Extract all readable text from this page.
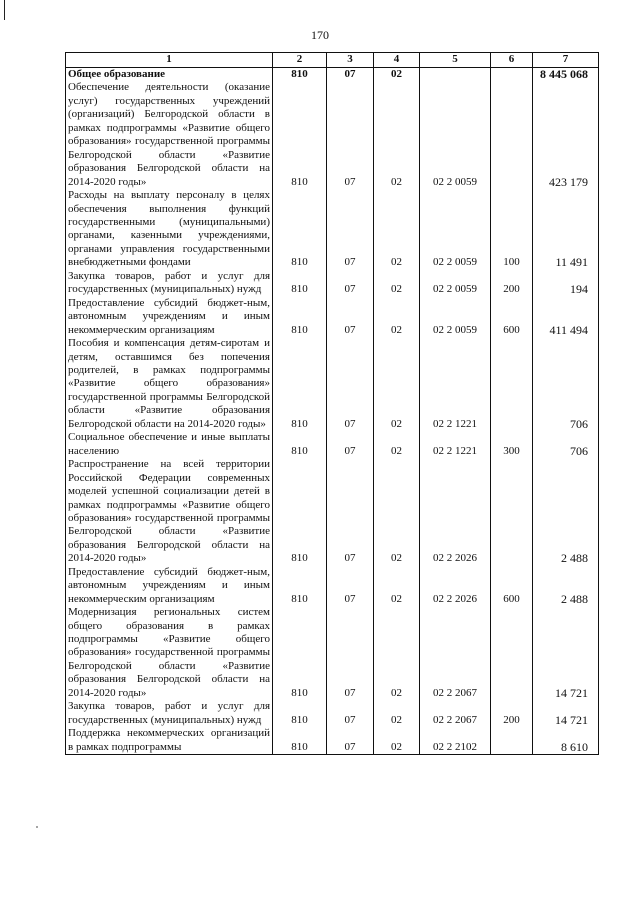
170
1	2	3	4	5	6	7
Общее образование	810	07	02			8 445 068
Обеспечение деятельности (оказание услуг) государственных учреждений (организаций) Белгородской области в рамках подпрограммы «Развитие общего образования» государственной программы Белгородской области «Развитие образования Белгородской области на 2014-2020 годы»	810	07	02	02 2 0059		423 179
Расходы на выплату персоналу в целях обеспечения выполнения функций государственными (муниципальными) органами, казенными учреждениями, органами управления государственными внебюджетными фондами	810	07	02	02 2 0059	100	11 491
Закупка товаров, работ и услуг для государственных (муниципальных) нужд	810	07	02	02 2 0059	200	194
Предоставление субсидий бюджет-ным, автономным учреждениям и иным некоммерческим организациям	810	07	02	02 2 0059	600	411 494
Пособия и компенсация детям-сиротам и детям, оставшимся без попечения родителей, в рамках подпрограммы «Развитие общего образования» государственной программы Белгородской области «Развитие образования Белгородской области на 2014-2020 годы»	810	07	02	02 2 1221		706
Социальное обеспечение и иные выплаты населению	810	07	02	02 2 1221	300	706
Распространение на всей территории Российской Федерации современных моделей успешной социализации детей в рамках подпрограммы «Развитие общего образования» государственной программы Белгородской области «Развитие образования Белгородской области на 2014-2020 годы»	810	07	02	02 2 2026		2 488
Предоставление субсидий бюджет-ным, автономным учреждениям и иным некоммерческим организациям	810	07	02	02 2 2026	600	2 488
Модернизация региональных систем общего образования в рамках подпрограммы «Развитие общего образования» государственной программы Белгородской области «Развитие образования Белгородской области на 2014-2020 годы»	810	07	02	02 2 2067		14 721
Закупка товаров, работ и услуг для государственных (муниципальных) нужд	810	07	02	02 2 2067	200	14 721
Поддержка некоммерческих организаций в рамках подпрограммы	810	07	02	02 2 2102		8 610
